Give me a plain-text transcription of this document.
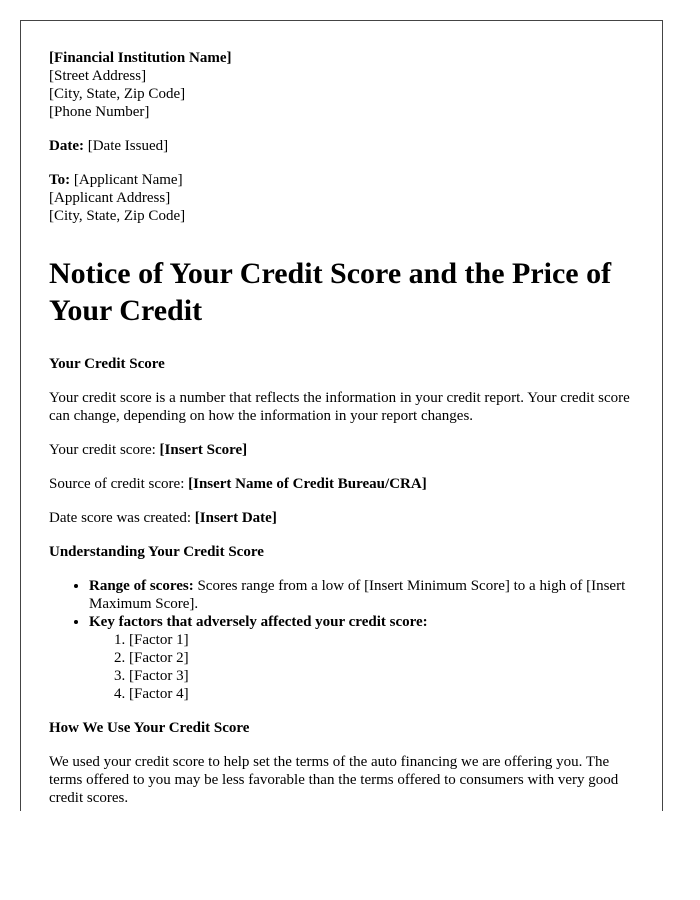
[Financial Institution Name]

[Street Address]

[City, State, Zip Code]

[Phone Number]

Date: [Date Issued]

To: [Applicant Name]

[Applicant Address]

[City, State, Zip Code]

Notice of Your Credit Score and the Price of Your Credit

Your Credit Score

Your credit score is a number that reflects the information in your credit report. Your credit score can change, depending on how the information in your report changes.

Your credit score: [Insert Score]

Source of credit score: [Insert Name of Credit Bureau/CRA]

Date score was created: [Insert Date]

Understanding Your Credit Score

• Range of scores: Scores range from a low of [Insert Minimum Score] to a high of [Insert Maximum Score].
• Key factors that adversely affected your credit score:
1. [Factor 1]
2. [Factor 2]
3. [Factor 3]
4. [Factor 4]

How We Use Your Credit Score

We used your credit score to help set the terms of the auto financing we are offering you. The terms offered to you may be less favorable than the terms offered to consumers with very good credit scores.
